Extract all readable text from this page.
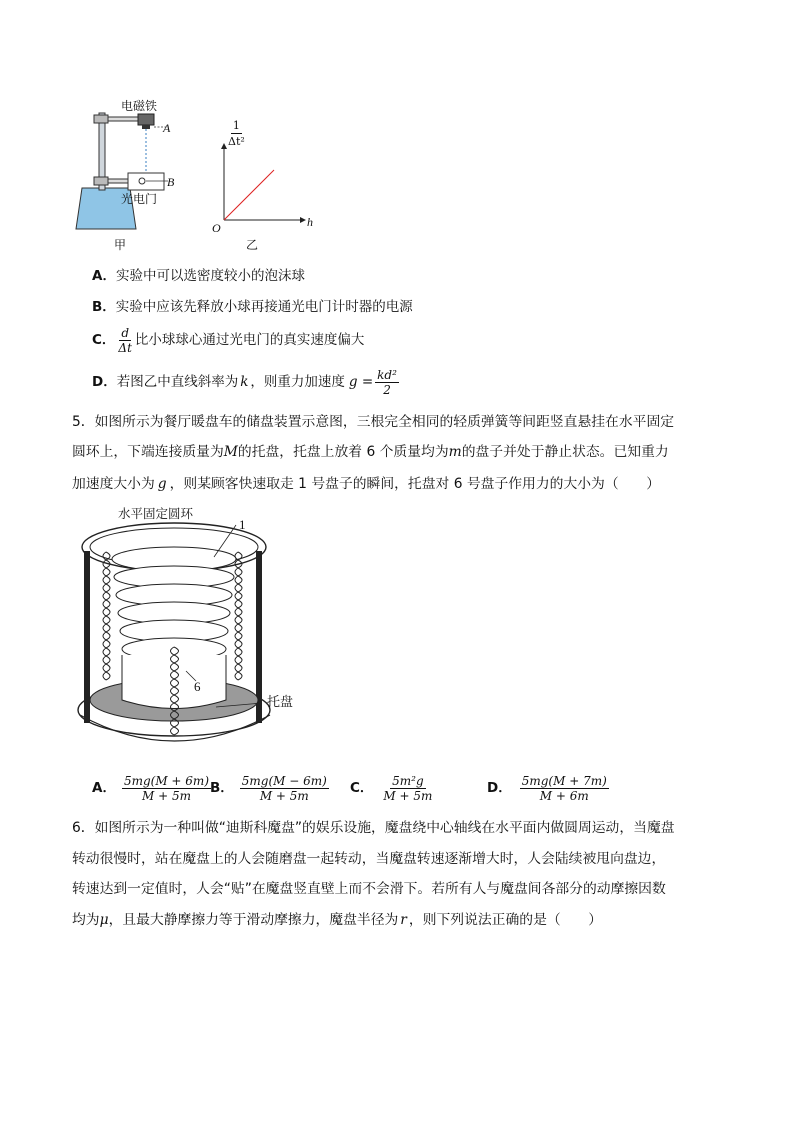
电磁铁
A
B
光电门
甲
$\frac{1}{\text{Δt²}}$
h
O
乙
A．实验中可以选密度较小的泡沫球
B．实验中应该先释放小球再接通光电门计时器的电源
C． $\frac{d}{\Delta t}$ 比小球球心通过光电门的真实速度偏大
D． 若图乙中直线斜率为 k ，则重力加速度 $g = \frac{\text{kd²}}{2}$
5．如图所示为餐厅暖盘车的储盘装置示意图，三根完全相同的轻质弹簧等间距竖直悬挂在水平固定
圆环上，下端连接质量为M的托盘，托盘上放着 6 个质量均为m的盘子并处于静止状态。已知重力
加速度大小为 g ，则某顾客快速取走 1 号盘子的瞬间，托盘对 6 号盘子作用力的大小为（　　）
水平固定圆环
1
6
托盘
A． $\frac{5mg(M + 6m)}{M + 5m}$ B． $\frac{5mg(M - 6m)}{M + 5m}$ C． $\frac{\text{5m²g}}{M + 5m}$	D． $\frac{5mg(M + 7m)}{M + 6m}$
6．如图所示为一种叫做“迪斯科魔盘”的娱乐设施，魔盘绕中心轴线在水平面内做圆周运动，当魔盘
转动很慢时，站在魔盘上的人会随磨盘一起转动，当魔盘转速逐渐增大时，人会陆续被甩向盘边，
转速达到一定值时，人会“贴”在魔盘竖直壁上而不会滑下。若所有人与魔盘间各部分的动摩擦因数
均为μ，且最大静摩擦力等于滑动摩擦力，魔盘半径为 r ，则下列说法正确的是（　　）
